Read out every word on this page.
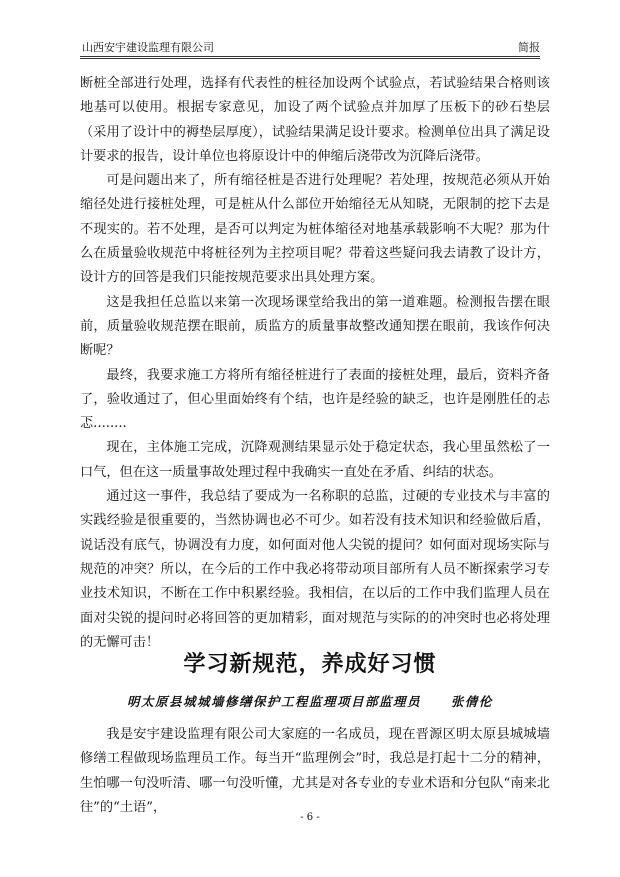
山西安宇建设监理有限公司	简报

断桩全部进行处理，选择有代表性的桩径加设两个试验点，若试验结果合格则该地基可以使用。根据专家意见，加设了两个试验点并加厚了压板下的砂石垫层（采用了设计中的褥垫层厚度），试验结果满足设计要求。检测单位出具了满足设计要求的报告，设计单位也将原设计中的伸缩后浇带改为沉降后浇带。

可是问题出来了，所有缩径桩是否进行处理呢？若处理，按规范必须从开始缩径处进行接桩处理，可是桩从什么部位开始缩径无从知晓，无限制的挖下去是不现实的。若不处理，是否可以判定为桩体缩径对地基承载影响不大呢？那为什么在质量验收规范中将桩径列为主控项目呢？带着这些疑问我去请教了设计方，设计方的回答是我们只能按规范要求出具处理方案。

这是我担任总监以来第一次现场课堂给我出的第一道难题。检测报告摆在眼前，质量验收规范摆在眼前，质监方的质量事故整改通知摆在眼前，我该作何决断呢？

最终，我要求施工方将所有缩径桩进行了表面的接桩处理，最后，资料齐备了，验收通过了，但心里面始终有个结，也许是经验的缺乏，也许是刚胜任的忐忑........

现在，主体施工完成，沉降观测结果显示处于稳定状态，我心里虽然松了一口气，但在这一质量事故处理过程中我确实一直处在矛盾、纠结的状态。

通过这一事件，我总结了要成为一名称职的总监，过硬的专业技术与丰富的实践经验是很重要的，当然协调也必不可少。如若没有技术知识和经验做后盾，说话没有底气，协调没有力度，如何面对他人尖锐的提问？如何面对现场实际与规范的冲突？所以，在今后的工作中我必将带动项目部所有人员不断探索学习专业技术知识，不断在工作中积累经验。我相信，在以后的工作中我们监理人员在面对尖锐的提问时必将回答的更加精彩，面对规范与实际的的冲突时也必将处理的无懈可击！

学习新规范，养成好习惯
明太原县城城墙修缮保护工程监理项目部监理员 张倩伦

我是安宇建设监理有限公司大家庭的一名成员，现在晋源区明太原县城城墙修缮工程做现场监理员工作。每当开“监理例会”时，我总是打起十二分的精神，生怕哪一句没听清、哪一句没听懂，尤其是对各专业的专业术语和分包队“南来北往”的“土语”，

- 6 -
